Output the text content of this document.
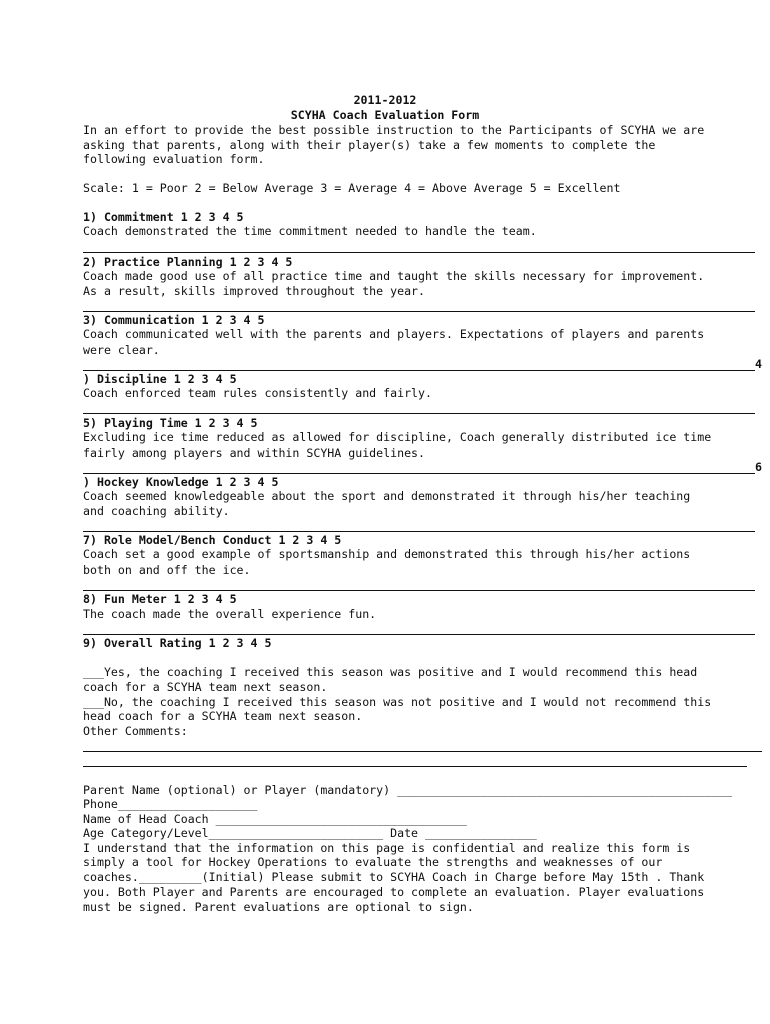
2011-2012
SCYHA Coach Evaluation Form
In an effort to provide the best possible instruction to the Participants of SCYHA we are
asking that parents, along with their player(s) take a few moments to complete the
following evaluation form.
Scale: 1 = Poor 2 = Below Average 3 = Average 4 = Above Average 5 = Excellent
1) Commitment 1 2 3 4 5
Coach demonstrated the time commitment needed to handle the team.
2) Practice Planning 1 2 3 4 5
Coach made good use of all practice time and taught the skills necessary for improvement.
As a result, skills improved throughout the year.
3) Communication 1 2 3 4 5
Coach communicated well with the parents and players. Expectations of players and parents
were clear.
4
) Discipline 1 2 3 4 5
Coach enforced team rules consistently and fairly.
5) Playing Time 1 2 3 4 5
Excluding ice time reduced as allowed for discipline, Coach generally distributed ice time
fairly among players and within SCYHA guidelines.
6
) Hockey Knowledge 1 2 3 4 5
Coach seemed knowledgeable about the sport and demonstrated it through his/her teaching
and coaching ability.
7) Role Model/Bench Conduct 1 2 3 4 5
Coach set a good example of sportsmanship and demonstrated this through his/her actions
both on and off the ice.
8) Fun Meter 1 2 3 4 5
The coach made the overall experience fun.
9) Overall Rating 1 2 3 4 5
___Yes, the coaching I received this season was positive and I would recommend this head
coach for a SCYHA team next season.
___No, the coaching I received this season was not positive and I would not recommend this
head coach for a SCYHA team next season.
Other Comments:
Parent Name (optional) or Player (mandatory) ________________________________________________
Phone____________________
Name of Head Coach ____________________________________
Age Category/Level_________________________ Date ________________
I understand that the information on this page is confidential and realize this form is
simply a tool for Hockey Operations to evaluate the strengths and weaknesses of our
coaches._________(Initial) Please submit to SCYHA Coach in Charge before May 15th . Thank
you. Both Player and Parents are encouraged to complete an evaluation. Player evaluations
must be signed. Parent evaluations are optional to sign.
